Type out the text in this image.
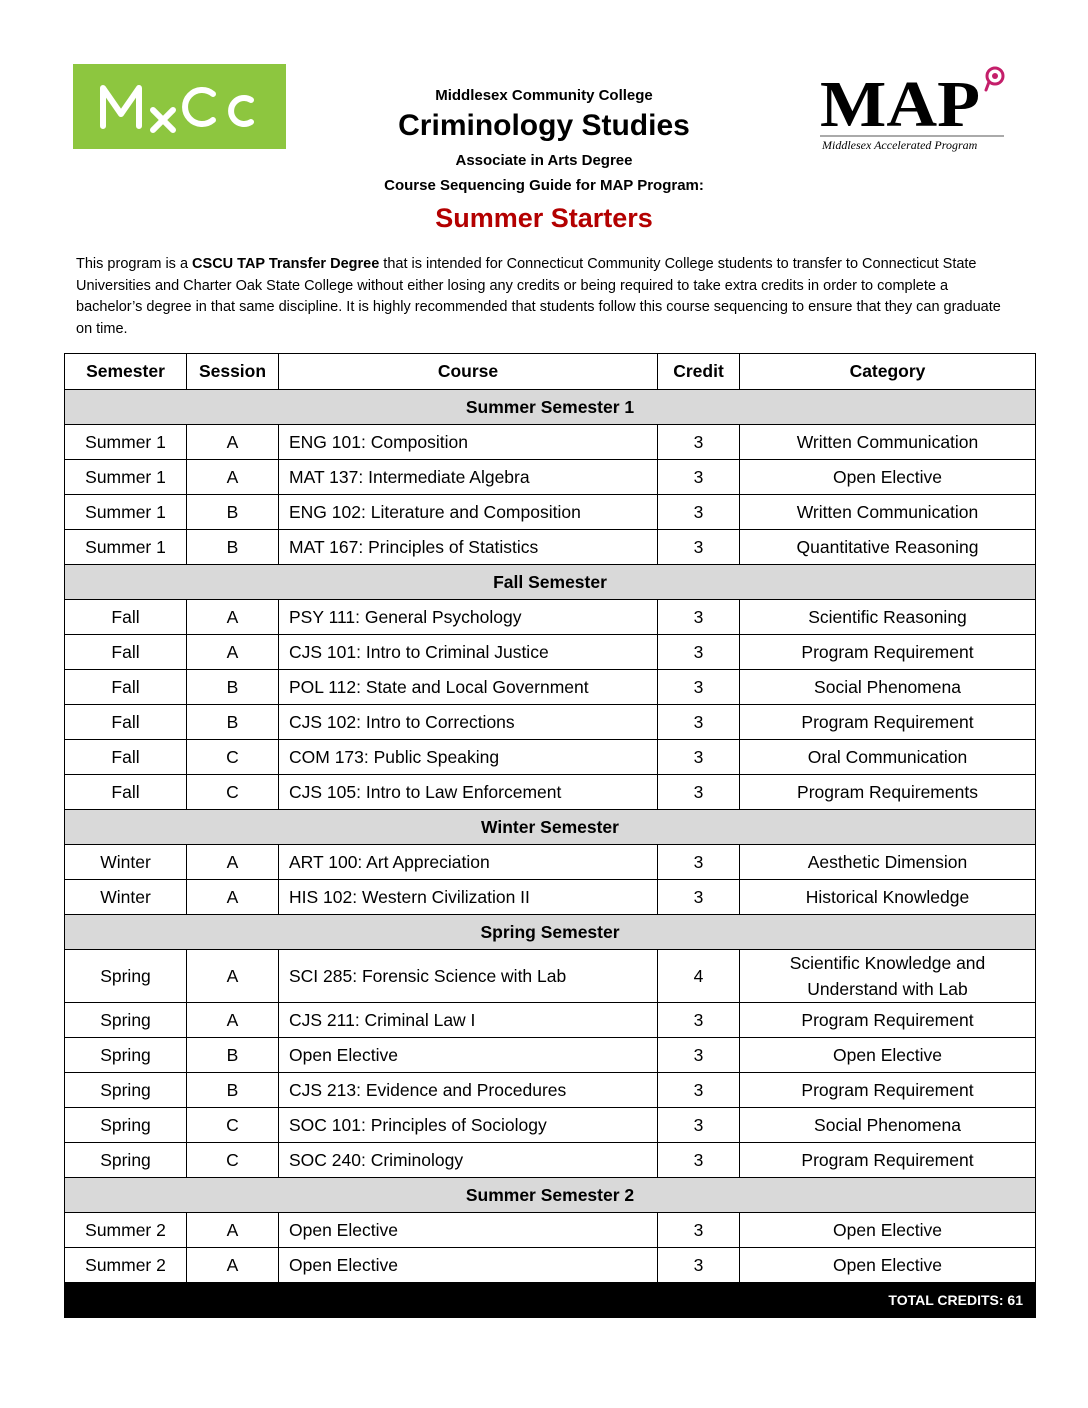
Middlesex Community College
Criminology Studies
Associate in Arts Degree
Course Sequencing Guide for MAP Program:
Summer Starters
MAP
Middlesex Accelerated Program
This program is a CSCU TAP Transfer Degree that is intended for Connecticut Community College students to transfer to Connecticut State Universities and Charter Oak State College without either losing any credits or being required to take extra credits in order to complete a bachelor’s degree in that same discipline. It is highly recommended that students follow this course sequencing to ensure that they can graduate on time.
Semester	Session	Course	Credit	Category
Summer Semester 1				
Summer 1	A	ENG 101: Composition	3	Written Communication
Summer 1	A	MAT 137: Intermediate Algebra	3	Open Elective
Summer 1	B	ENG 102: Literature and Composition	3	Written Communication
Summer 1	B	MAT 167: Principles of Statistics	3	Quantitative Reasoning
Fall Semester				
Fall	A	PSY 111: General Psychology	3	Scientific Reasoning
Fall	A	CJS 101: Intro to Criminal Justice	3	Program Requirement
Fall	B	POL 112: State and Local Government	3	Social Phenomena
Fall	B	CJS 102: Intro to Corrections	3	Program Requirement
Fall	C	COM 173: Public Speaking	3	Oral Communication
Fall	C	CJS 105: Intro to Law Enforcement	3	Program Requirements
Winter Semester				
Winter	A	ART 100: Art Appreciation	3	Aesthetic Dimension
Winter	A	HIS 102: Western Civilization II	3	Historical Knowledge
Spring Semester				
Spring	A	SCI 285: Forensic Science with Lab	4	Scientific Knowledge and Understand with Lab
Spring	A	CJS 211: Criminal Law I	3	Program Requirement
Spring	B	Open Elective	3	Open Elective
Spring	B	CJS 213: Evidence and Procedures	3	Program Requirement
Spring	C	SOC 101: Principles of Sociology	3	Social Phenomena
Spring	C	SOC 240: Criminology	3	Program Requirement
Summer Semester 2				
Summer 2	A	Open Elective	3	Open Elective
Summer 2	A	Open Elective	3	Open Elective
TOTAL CREDITS: 61				
